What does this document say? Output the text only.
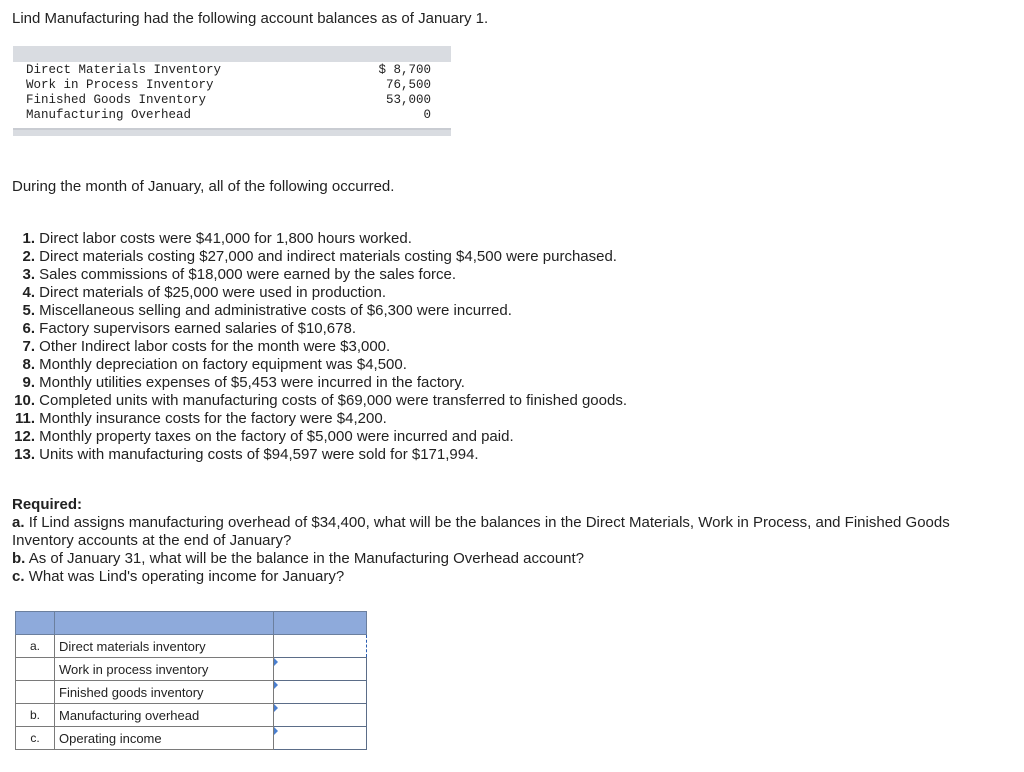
Lind Manufacturing had the following account balances as of January 1.
Direct Materials Inventory	$ 8,700
Work in Process Inventory	76,500
Finished Goods Inventory	53,000
Manufacturing Overhead	0
During the month of January, all of the following occurred.
1. Direct labor costs were $41,000 for 1,800 hours worked.
2. Direct materials costing $27,000 and indirect materials costing $4,500 were purchased.
3. Sales commissions of $18,000 were earned by the sales force.
4. Direct materials of $25,000 were used in production.
5. Miscellaneous selling and administrative costs of $6,300 were incurred.
6. Factory supervisors earned salaries of $10,678.
7. Other Indirect labor costs for the month were $3,000.
8. Monthly depreciation on factory equipment was $4,500.
9. Monthly utilities expenses of $5,453 were incurred in the factory.
10. Completed units with manufacturing costs of $69,000 were transferred to finished goods.
11. Monthly insurance costs for the factory were $4,200.
12. Monthly property taxes on the factory of $5,000 were incurred and paid.
13. Units with manufacturing costs of $94,597 were sold for $171,994.
Required:
a. If Lind assigns manufacturing overhead of $34,400, what will be the balances in the Direct Materials, Work in Process, and Finished Goods Inventory accounts at the end of January?
b. As of January 31, what will be the balance in the Manufacturing Overhead account?
c. What was Lind's operating income for January?

a.	Direct materials inventory	
	Work in process inventory	

	Finished goods inventory	

b.	Manufacturing overhead	

c.	Operating income	
